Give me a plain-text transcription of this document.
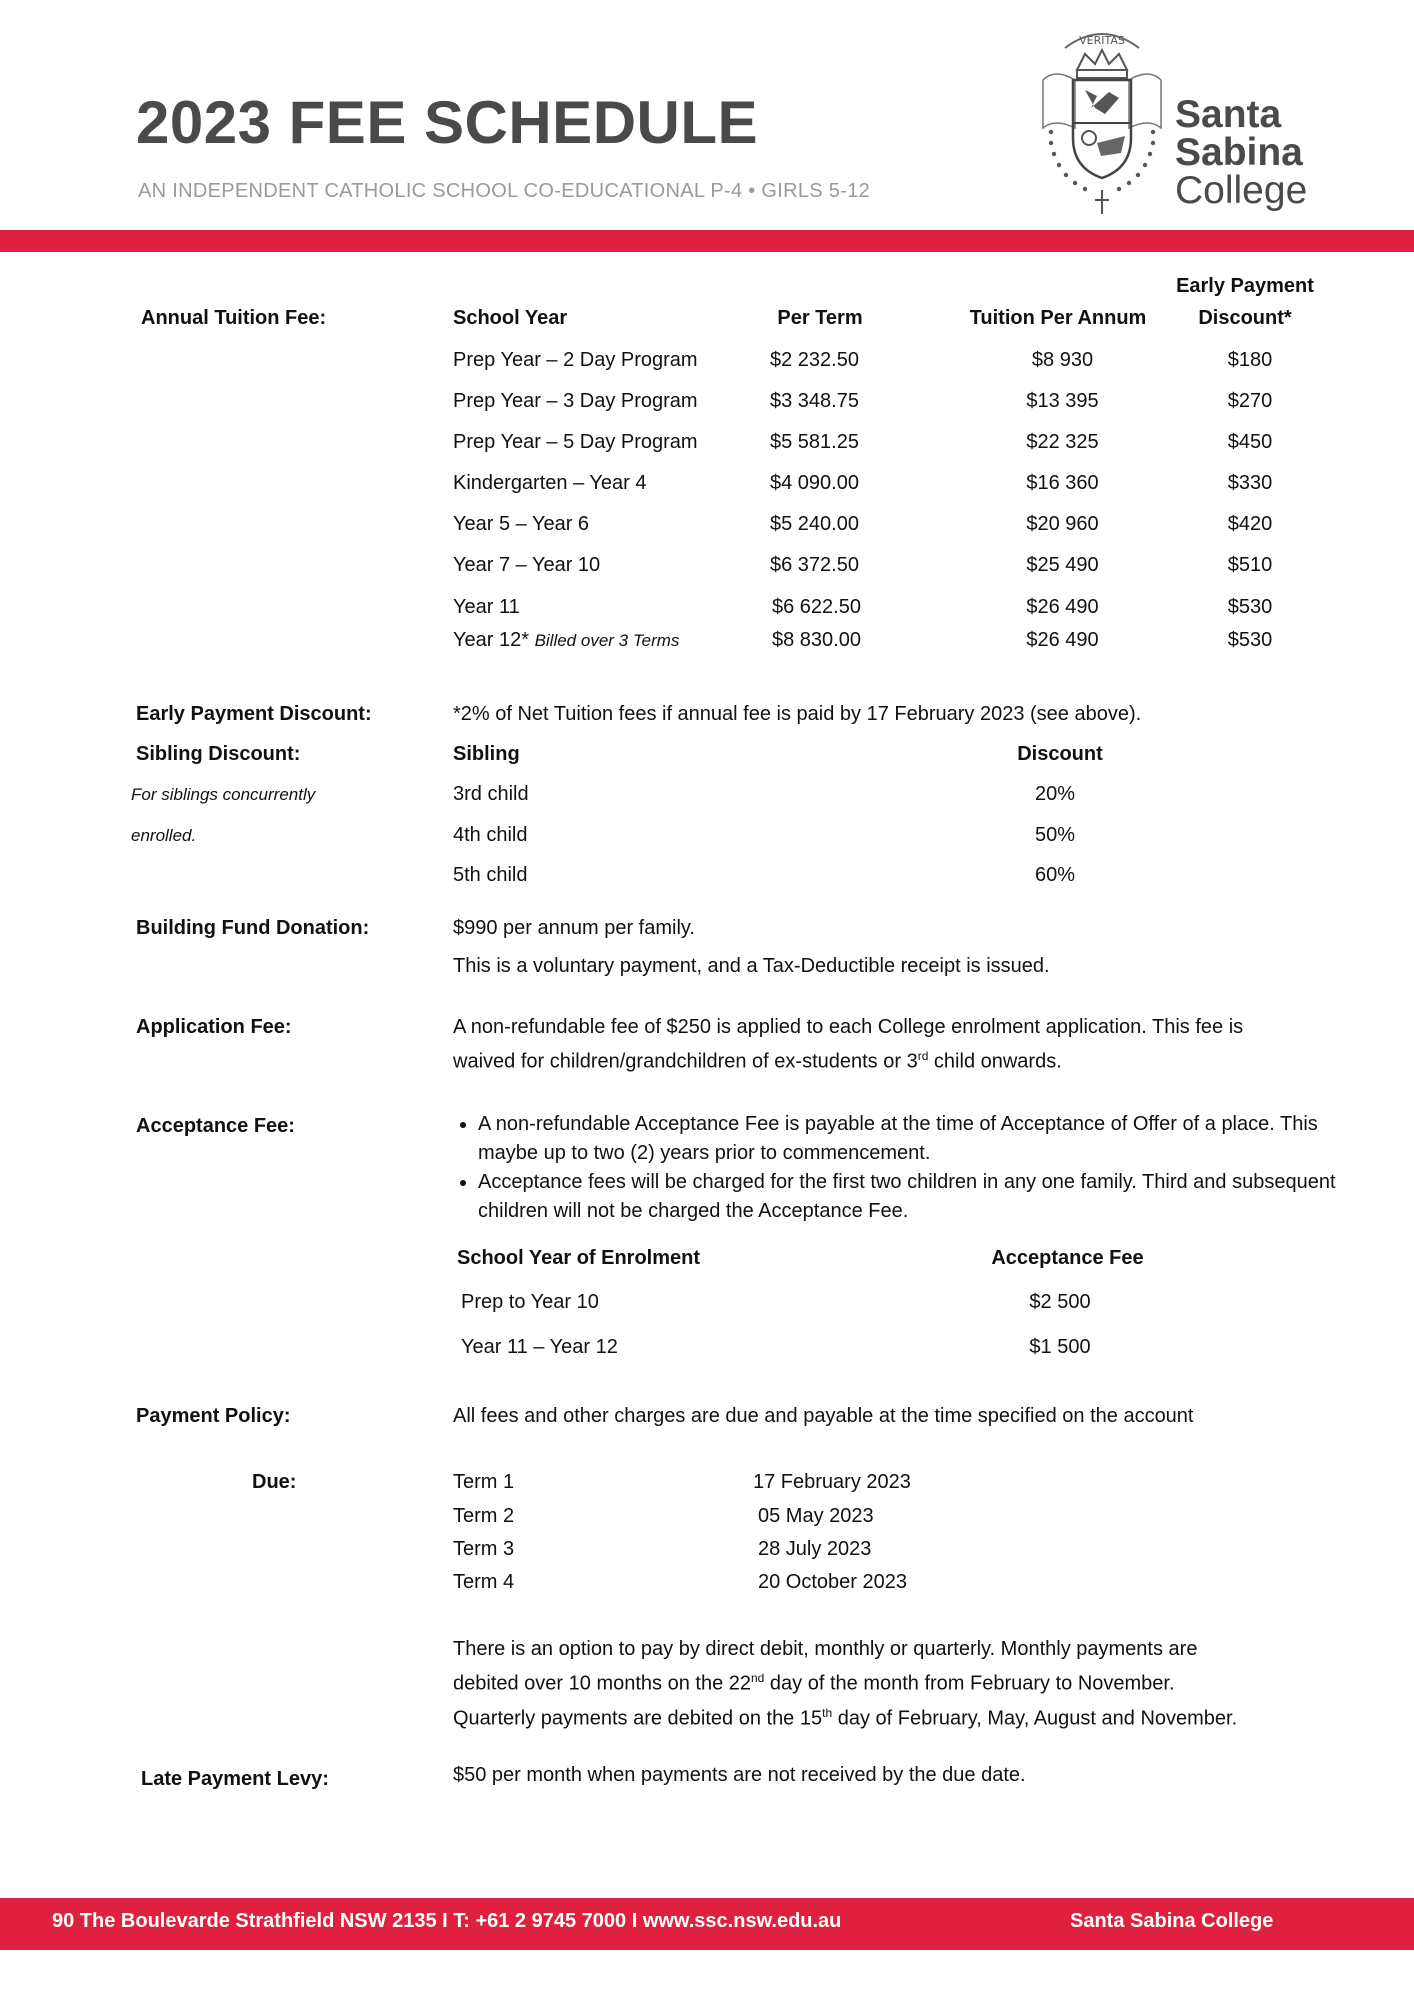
2023 FEE SCHEDULE
AN INDEPENDENT CATHOLIC SCHOOL CO-EDUCATIONAL P-4 • GIRLS 5-12
VERITAS
Santa
Sabina
College
Annual Tuition Fee:	School Year	Per Term	Tuition Per Annum
Early Payment
Discount*
Prep Year – 2 Day Program	$2 232.50	$8 930	$180
Prep Year – 3 Day Program	$3 348.75	$13 395	$270
Prep Year – 5 Day Program	$5 581.25	$22 325	$450
Kindergarten – Year 4	$4 090.00	$16 360	$330
Year 5 – Year 6	$5 240.00	$20 960	$420
Year 7 – Year 10	$6 372.50	$25 490	$510
Year 11	$6 622.50	$26 490	$530
Year 12* Billed over 3 Terms	$8 830.00	$26 490	$530
Early Payment Discount:	*2% of Net Tuition fees if annual fee is paid by 17 February 2023 (see above).
Sibling Discount:
For siblings concurrently
enrolled.
Sibling	Discount
3rd child	20%
4th child	50%
5th child	60%
Building Fund Donation:	$990 per annum per family.
This is a voluntary payment, and a Tax-Deductible receipt is issued.
Application Fee:	A non-refundable fee of $250 is applied to each College enrolment application. This fee is
waived for children/grandchildren of ex-students or 3rd child onwards.
Acceptance Fee:
•	A non-refundable Acceptance Fee is payable at the time of Acceptance of Offer of a place. This maybe up to two (2) years prior to commencement.
• Acceptance fees will be charged for the first two children in any one family. Third and subsequent children will not be charged the Acceptance Fee.
School Year of Enrolment	Acceptance Fee
Prep to Year 10	$2 500
Year 11 – Year 12	$1 500
Payment Policy:	All fees and other charges are due and payable at the time specified on the account
Due:	Term 1	17 February 2023
Term 2	05 May 2023
Term 3	28 July 2023
Term 4	20 October 2023
There is an option to pay by direct debit, monthly or quarterly. Monthly payments are
debited over 10 months on the 22nd day of the month from February to November.
Quarterly payments are debited on the 15th day of February, May, August and November.
Late Payment Levy:	$50 per month when payments are not received by the due date.
90 The Boulevarde Strathfield NSW 2135 I T: +61 2 9745 7000 I www.ssc.nsw.edu.au	Santa Sabina College
